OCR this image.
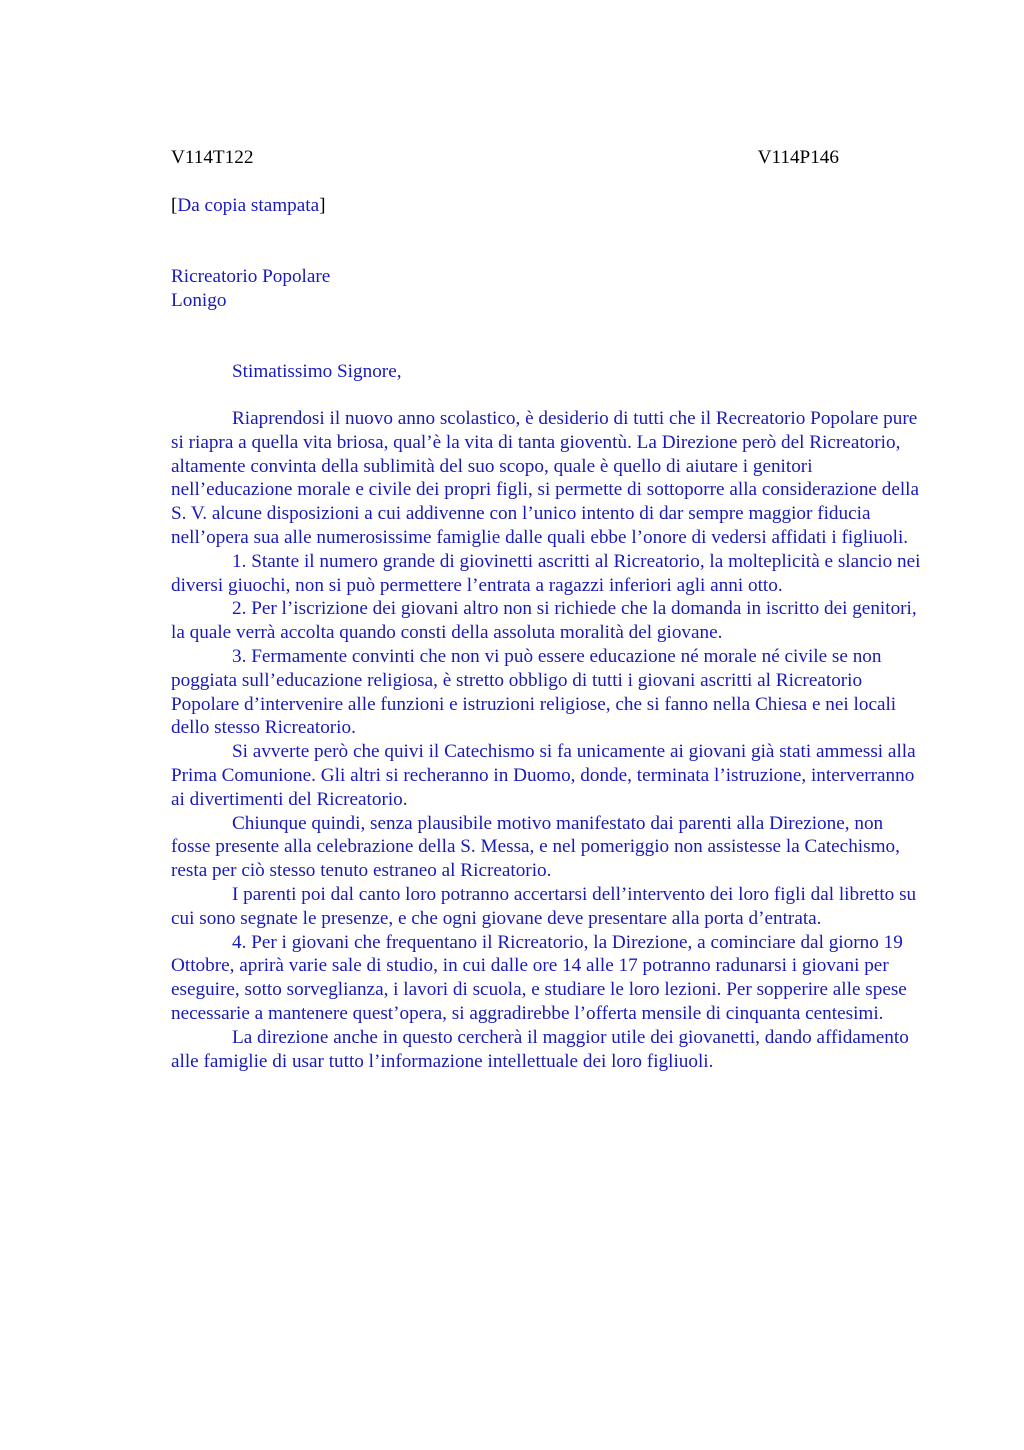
V114T122	V114P146
[Da copia stampata]
Ricreatorio Popolare
Lonigo
Stimatissimo Signore,

Riaprendosi il nuovo anno scolastico, è desiderio di tutti che il Recreatorio Popolare pure si riapra a quella vita briosa, qual’è la vita di tanta gioventù. La Direzione però del Ricreatorio, altamente convinta della sublimità del suo scopo, quale è quello di aiutare i genitori nell’educazione morale e civile dei propri figli, si permette di sottoporre alla considerazione della S. V. alcune disposizioni a cui addivenne con l’unico intento di dar sempre maggior fiducia nell’opera sua alle numerosissime famiglie dalle quali ebbe l’onore di vedersi affidati i figliuoli.

1. Stante il numero grande di giovinetti ascritti al Ricreatorio, la molteplicità e slancio nei diversi giuochi, non si può permettere l’entrata a ragazzi inferiori agli anni otto.

2. Per l’iscrizione dei giovani altro non si richiede che la domanda in iscritto dei genitori, la quale verrà accolta quando consti della assoluta moralità del giovane.

3. Fermamente convinti che non vi può essere educazione né morale né civile se non poggiata sull’educazione religiosa, è stretto obbligo di tutti i giovani ascritti al Ricreatorio Popolare d’intervenire alle funzioni e istruzioni religiose, che si fanno nella Chiesa e nei locali dello stesso Ricreatorio.

Si avverte però che quivi il Catechismo si fa unicamente ai giovani già stati ammessi alla Prima Comunione. Gli altri si recheranno in Duomo, donde, terminata l’istruzione, interverranno ai divertimenti del Ricreatorio.

Chiunque quindi, senza plausibile motivo manifestato dai parenti alla Direzione, non fosse presente alla celebrazione della S. Messa, e nel pomeriggio non assistesse la Catechismo, resta per ciò stesso tenuto estraneo al Ricreatorio.

I parenti poi dal canto loro potranno accertarsi dell’intervento dei loro figli dal libretto su cui sono segnate le presenze, e che ogni giovane deve presentare alla porta d’entrata.

4. Per i giovani che frequentano il Ricreatorio, la Direzione, a cominciare dal giorno 19 Ottobre, aprirà varie sale di studio, in cui dalle ore 14 alle 17 potranno radunarsi i giovani per eseguire, sotto sorveglianza, i lavori di scuola, e studiare le loro lezioni. Per sopperire alle spese necessarie a mantenere quest’opera, si aggradirebbe l’offerta mensile di cinquanta centesimi.

La direzione anche in questo cercherà il maggior utile dei giovanetti, dando affidamento alle famiglie di usar tutto l’informazione intellettuale dei loro figliuoli.
